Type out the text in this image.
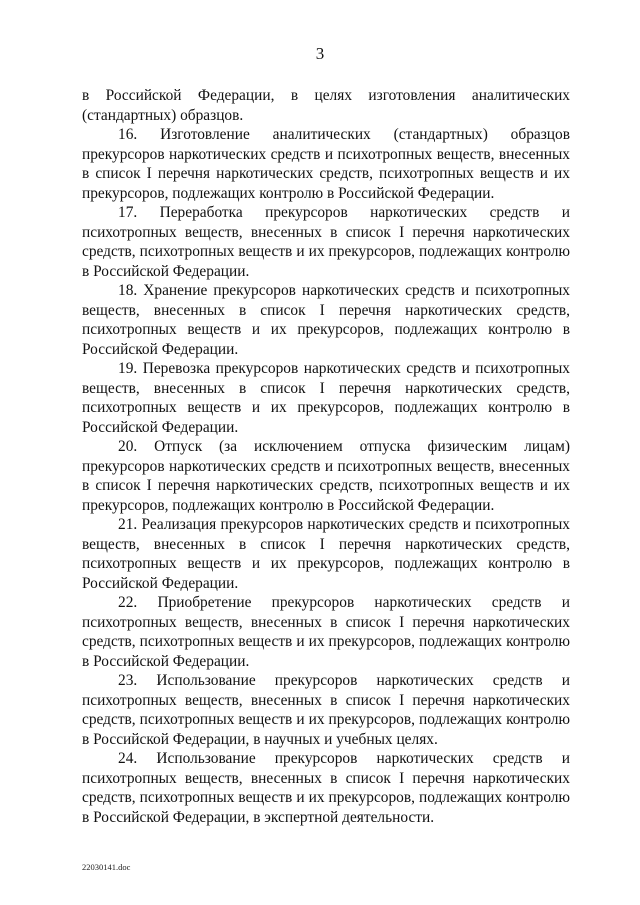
3

в Российской Федерации, в целях изготовления аналитических (стандартных) образцов.

16. Изготовление аналитических (стандартных) образцов прекурсоров наркотических средств и психотропных веществ, внесенных в список I перечня наркотических средств, психотропных веществ и их прекурсоров, подлежащих контролю в Российской Федерации.

17. Переработка прекурсоров наркотических средств и психотропных веществ, внесенных в список I перечня наркотических средств, психотропных веществ и их прекурсоров, подлежащих контролю в Российской Федерации.

18. Хранение прекурсоров наркотических средств и психотропных веществ, внесенных в список I перечня наркотических средств, психотропных веществ и их прекурсоров, подлежащих контролю в Российской Федерации.

19. Перевозка прекурсоров наркотических средств и психотропных веществ, внесенных в список I перечня наркотических средств, психотропных веществ и их прекурсоров, подлежащих контролю в Российской Федерации.

20. Отпуск (за исключением отпуска физическим лицам) прекурсоров наркотических средств и психотропных веществ, внесенных в список I перечня наркотических средств, психотропных веществ и их прекурсоров, подлежащих контролю в Российской Федерации.

21. Реализация прекурсоров наркотических средств и психотропных веществ, внесенных в список I перечня наркотических средств, психотропных веществ и их прекурсоров, подлежащих контролю в Российской Федерации.

22. Приобретение прекурсоров наркотических средств и психотропных веществ, внесенных в список I перечня наркотических средств, психотропных веществ и их прекурсоров, подлежащих контролю в Российской Федерации.

23. Использование прекурсоров наркотических средств и психотропных веществ, внесенных в список I перечня наркотических средств, психотропных веществ и их прекурсоров, подлежащих контролю в Российской Федерации, в научных и учебных целях.

24. Использование прекурсоров наркотических средств и психотропных веществ, внесенных в список I перечня наркотических средств, психотропных веществ и их прекурсоров, подлежащих контролю в Российской Федерации, в экспертной деятельности.

22030141.doc
